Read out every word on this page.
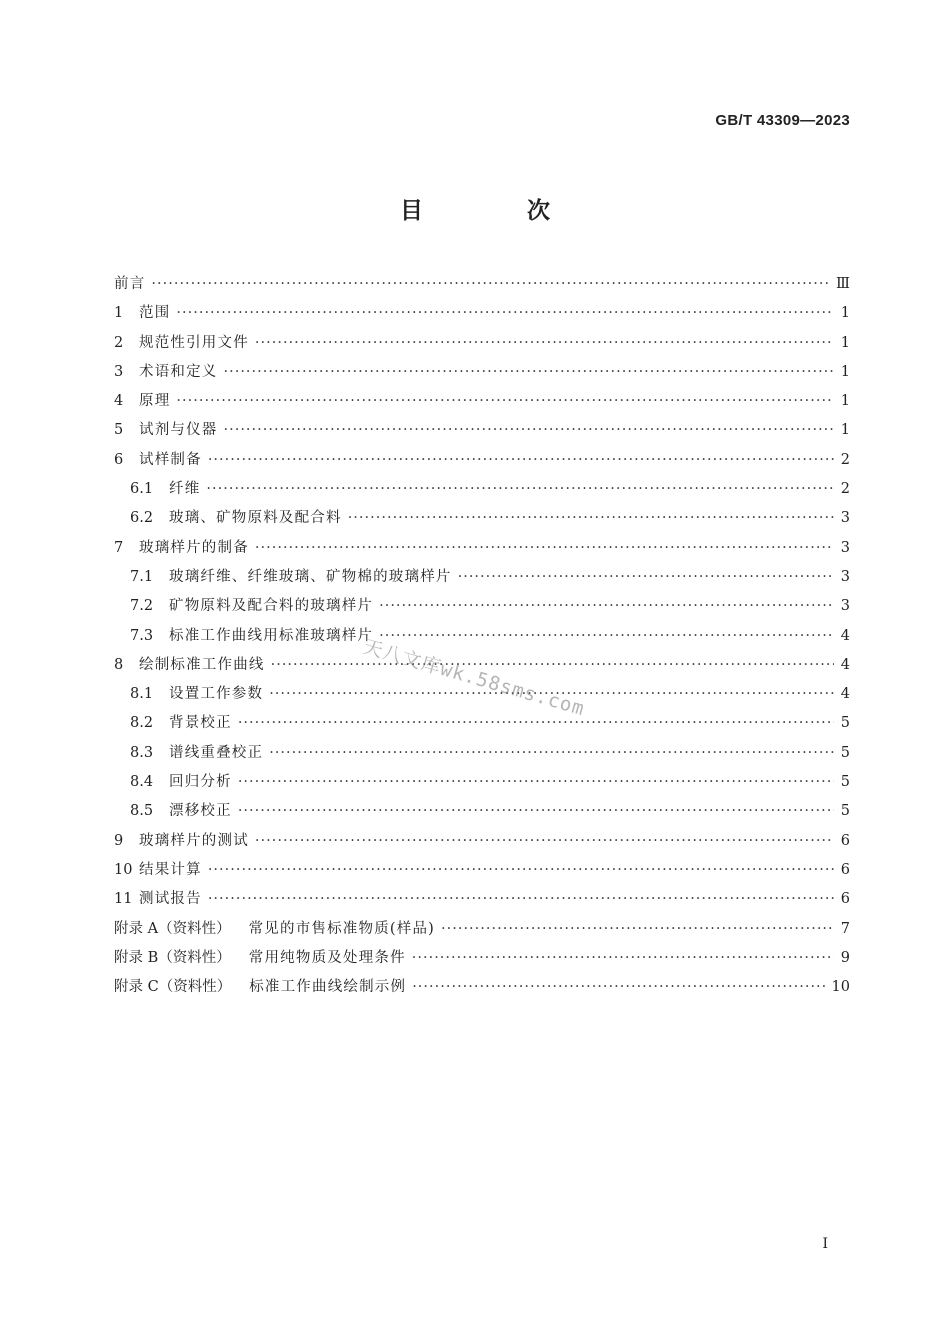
GB/T 43309—2023
目 次
前言 ·····	Ⅲ
1	范围 ·····	1
2	规范性引用文件 ·····	1
3	术语和定义 ·····	1
4	原理 ·····	1
5	试剂与仪器 ·····	1
6	试样制备 ·····	2
6.1	纤维 ·····	2
6.2	玻璃、矿物原料及配合料 ·····	3
7	玻璃样片的制备 ·····	3
7.1	玻璃纤维、纤维玻璃、矿物棉的玻璃样片 ·····	3
7.2	矿物原料及配合料的玻璃样片 ·····	3
7.3	标准工作曲线用标准玻璃样片 ·····	4
8	绘制标准工作曲线 ·····	4
8.1	设置工作参数 ·····	4
8.2	背景校正 ·····	5
8.3	谱线重叠校正 ·····	5
8.4	回归分析 ·····	5
8.5	漂移校正 ·····	5
9	玻璃样片的测试 ·····	6
10 结果计算 ·····	6
11 测试报告 ·····	6
附录 A（资料性）	常见的市售标准物质(样品) ·····	7
附录 B（资料性）	常用纯物质及处理条件 ·····	9
附录 C（资料性）	标准工作曲线绘制示例 ·····	10
天八文库wk.58sms.com
I
